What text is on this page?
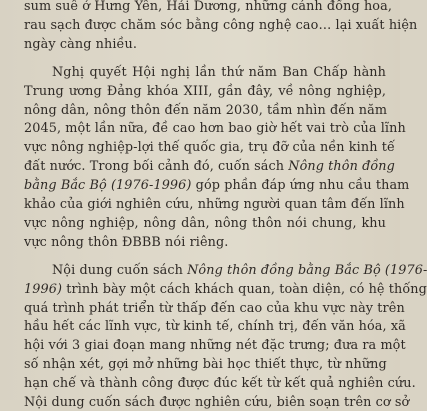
sum suê ở Hưng Yên, Hải Dương, những cánh đồng hoa,
rau sạch được chăm sóc bằng công nghệ cao… lại xuất hiện
ngày càng nhiều.
Nghị quyết Hội nghị lần thứ năm Ban Chấp hành
Trung ương Đảng khóa XIII, gần đây, về nông nghiệp,
nông dân, nông thôn đến năm 2030, tầm nhìn đến năm
2045, một lần nữa, đề cao hơn bao giờ hết vai trò của lĩnh
vực nông nghiệp-lợi thế quốc gia, trụ đỡ của nền kinh tế
đất nước. Trong bối cảnh đó, cuốn sách Nông thôn đồng
bằng Bắc Bộ (1976-1996) góp phần đáp ứng nhu cầu tham
khảo của giới nghiên cứu, những người quan tâm đến lĩnh
vực nông nghiệp, nông dân, nông thôn nói chung, khu
vực nông thôn ĐBBB nói riêng.
Nội dung cuốn sách Nông thôn đồng bằng Bắc Bộ (1976-
1996) trình bày một cách khách quan, toàn diện, có hệ thống
quá trình phát triển từ thấp đến cao của khu vực này trên
hầu hết các lĩnh vực, từ kinh tế, chính trị, đến văn hóa, xã
hội với 3 giai đoạn mang những nét đặc trưng; đưa ra một
số nhận xét, gợi mở những bài học thiết thực, từ những
hạn chế và thành công được đúc kết từ kết quả nghiên cứu.
Nội dung cuốn sách được nghiên cứu, biên soạn trên cơ sở
